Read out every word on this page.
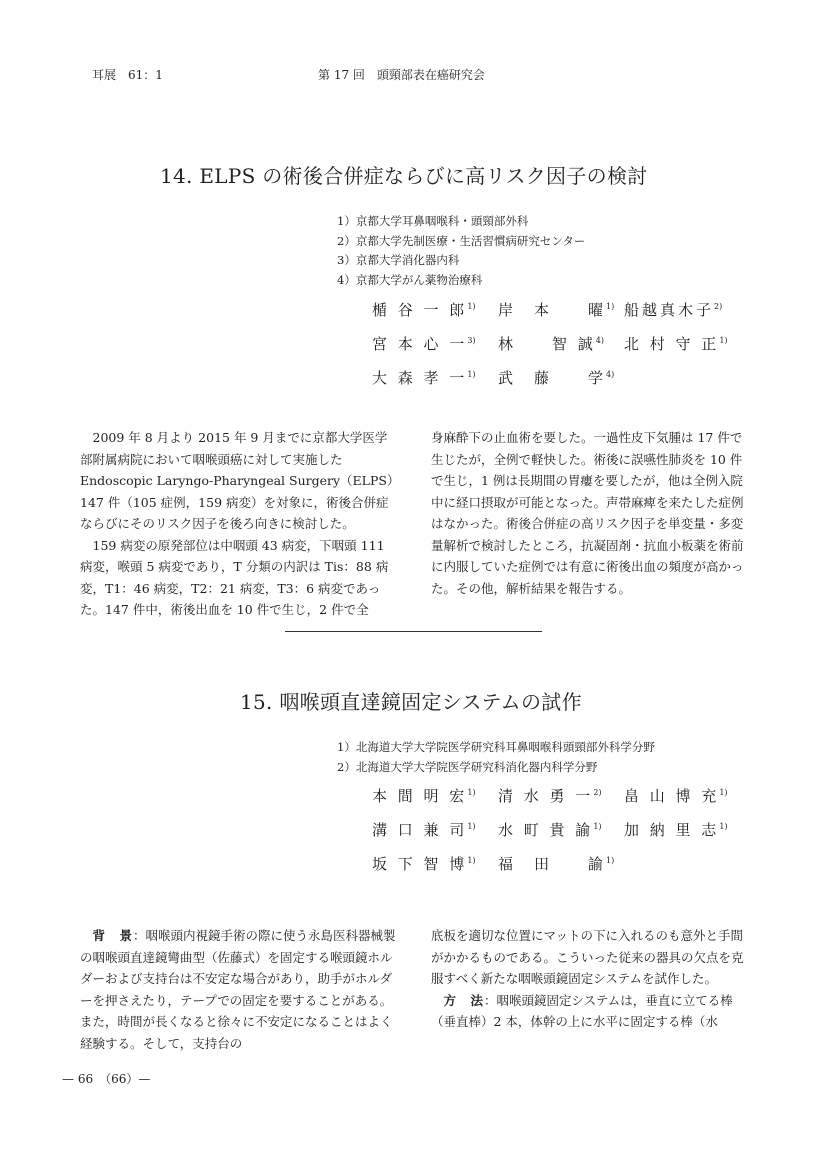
耳展　61：1	第 17 回　頭頸部表在癌研究会
14. ELPS の術後合併症ならびに高リスク因子の検討
1）京都大学耳鼻咽喉科・頭頸部外科
2）京都大学先制医療・生活習慣病研究センター
3）京都大学消化器内科
4）京都大学がん薬物治療科
楯 谷 一 郎$^{1)}$	岸　本　　曜$^{1)}$ 船越真木子$^{2)}$
宮 本 心 一$^{3)}$	林　　智 誠$^{4)}$	北 村 守 正$^{1)}$
大 森 孝 一$^{1)}$	武　藤　　学$^{4)}$

2009 年 8 月より 2015 年 9 月までに京都大学医学部附属病院において咽喉頭癌に対して実施した Endoscopic Laryngo-Pharyngeal Surgery（ELPS）147 件（105 症例，159 病変）を対象に，術後合併症ならびにそのリスク因子を後ろ向きに検討した。

159 病変の原発部位は中咽頭 43 病変，下咽頭 111 病変，喉頭 5 病変であり，T 分類の内訳は Tis：88 病変，T1：46 病変，T2：21 病変，T3：6 病変であった。147 件中，術後出血を 10 件で生じ，2 件で全

身麻酔下の止血術を要した。一過性皮下気腫は 17 件で生じたが，全例で軽快した。術後に誤嚥性肺炎を 10 件で生じ，1 例は長期間の胃瘻を要したが，他は全例入院中に経口摂取が可能となった。声帯麻痺を来たした症例はなかった。術後合併症の高リスク因子を単変量・多変量解析で検討したところ，抗凝固剤・抗血小板薬を術前に内服していた症例では有意に術後出血の頻度が高かった。その他，解析結果を報告する。

15. 咽喉頭直達鏡固定システムの試作
1）北海道大学大学院医学研究科耳鼻咽喉科頭頸部外科学分野
2）北海道大学大学院医学研究科消化器内科学分野
本 間 明 宏$^{1)}$	清 水 勇 一$^{2)}$	畠 山 博 充$^{1)}$
溝 口 兼 司$^{1)}$	水 町 貴 諭$^{1)}$	加 納 里 志$^{1)}$
坂 下 智 博$^{1)}$	福　田　　諭$^{1)}$

背　景：咽喉頭内視鏡手術の際に使う永島医科器械製の咽喉頭直達鏡彎曲型（佐藤式）を固定する喉頭鏡ホルダーおよび支持台は不安定な場合があり，助手がホルダーを押さえたり，テープでの固定を要することがある。また，時間が長くなると徐々に不安定になることはよく経験する。そして，支持台の

底板を適切な位置にマットの下に入れるのも意外と手間がかかるものである。こういった従来の器具の欠点を克服すべく新たな咽喉頭鏡固定システムを試作した。

方　法：咽喉頭鏡固定システムは，垂直に立てる棒（垂直棒）2 本，体幹の上に水平に固定する棒（水

— 66　（66）—
